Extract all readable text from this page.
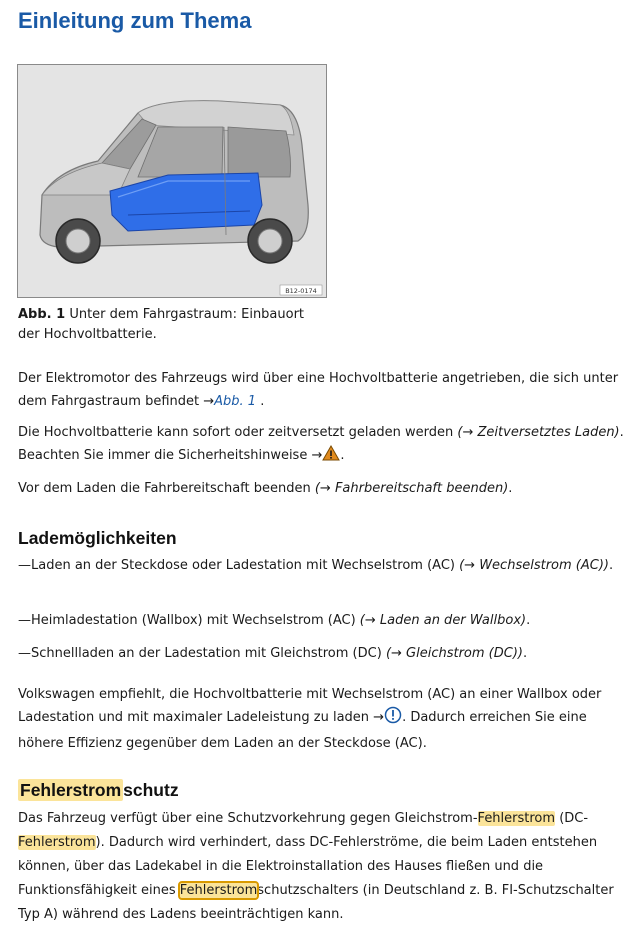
Einleitung zum Thema
B12-0174
Abb. 1 Unter dem Fahrgastraum: Einbauort
der Hochvoltbatterie.

Der Elektromotor des Fahrzeugs wird über eine Hochvoltbatterie angetrieben, die sich unter dem Fahrgastraum befindet →Abb. 1 .

Die Hochvoltbatterie kann sofort oder zeitversetzt geladen werden (→ Zeitversetztes Laden). Beachten Sie immer die Sicherheitshinweise → .

Vor dem Laden die Fahrbereitschaft beenden (→ Fahrbereitschaft beenden).

Lademöglichkeiten

—Laden an der Steckdose oder Ladestation mit Wechselstrom (AC) (→ Wechselstrom (AC)).

—Heimladestation (Wallbox) mit Wechselstrom (AC) (→ Laden an der Wallbox).

—Schnellladen an der Ladestation mit Gleichstrom (DC) (→ Gleichstrom (DC)).

Volkswagen empfiehlt, die Hochvoltbatterie mit Wechselstrom (AC) an einer Wallbox oder Ladestation und mit maximaler Ladeleistung zu laden → . Dadurch erreichen Sie eine höhere Effizienz gegenüber dem Laden an der Steckdose (AC).

Fehlerstrom schutz

Das Fahrzeug verfügt über eine Schutzvorkehrung gegen Gleichstrom-Fehlerstrom (DC-Fehlerstrom). Dadurch wird verhindert, dass DC-Fehlerströme, die beim Laden entstehen können, über das Ladekabel in die Elektroinstallation des Hauses fließen und die Funktionsfähigkeit eines Fehlerstromschutzschalters (in Deutschland z. B. FI-Schutzschalter Typ A) während des Ladens beeinträchtigen kann.
